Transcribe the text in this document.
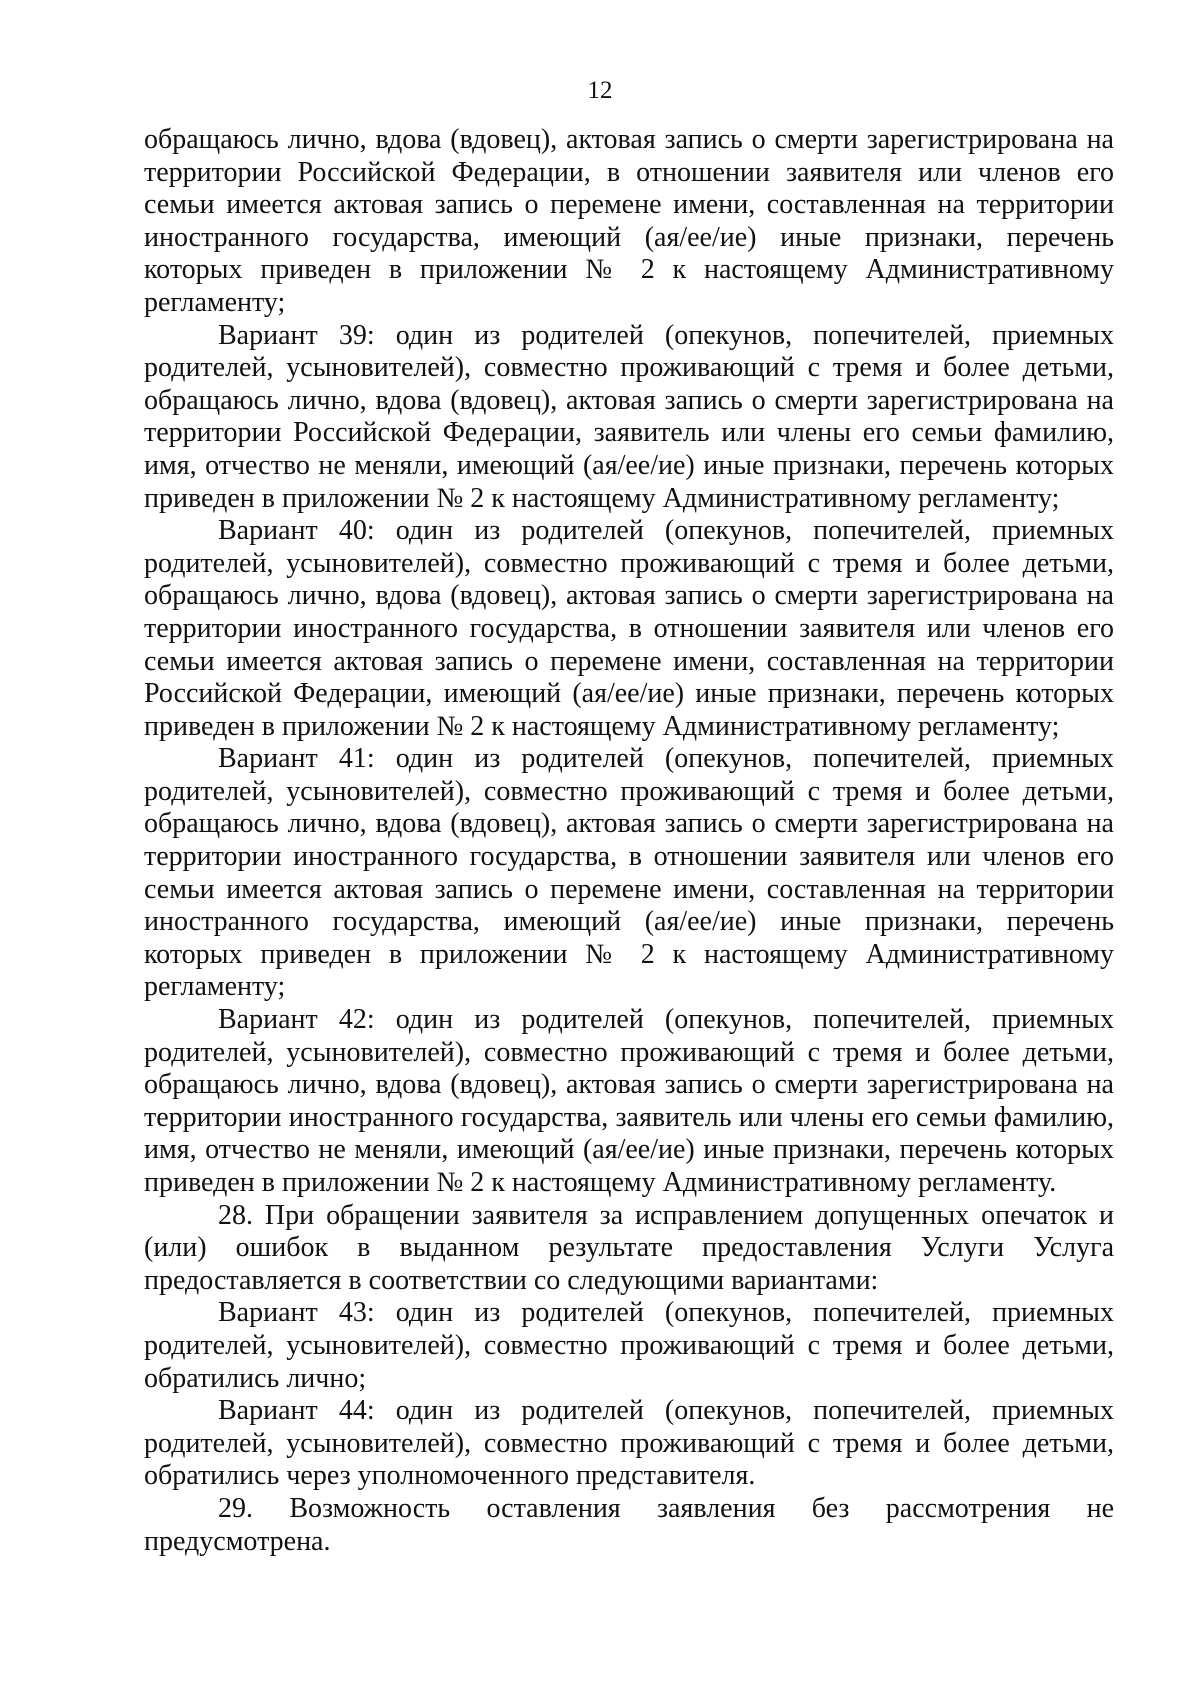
12

обращаюсь лично, вдова (вдовец), актовая запись о смерти зарегистрирована на территории Российской Федерации, в отношении заявителя или членов его семьи имеется актовая запись о перемене имени, составленная на территории иностранного государства, имеющий (ая/ее/ие) иные признаки, перечень которых приведен в приложении № 2 к настоящему Административному регламенту;

Вариант 39: один из родителей (опекунов, попечителей, приемных родителей, усыновителей), совместно проживающий с тремя и более детьми, обращаюсь лично, вдова (вдовец), актовая запись о смерти зарегистрирована на территории Российской Федерации, заявитель или члены его семьи фамилию, имя, отчество не меняли, имеющий (ая/ее/ие) иные признаки, перечень которых приведен в приложении № 2 к настоящему Административному регламенту;

Вариант 40: один из родителей (опекунов, попечителей, приемных родителей, усыновителей), совместно проживающий с тремя и более детьми, обращаюсь лично, вдова (вдовец), актовая запись о смерти зарегистрирована на территории иностранного государства, в отношении заявителя или членов его семьи имеется актовая запись о перемене имени, составленная на территории Российской Федерации, имеющий (ая/ее/ие) иные признаки, перечень которых приведен в приложении № 2 к настоящему Административному регламенту;

Вариант 41: один из родителей (опекунов, попечителей, приемных родителей, усыновителей), совместно проживающий с тремя и более детьми, обращаюсь лично, вдова (вдовец), актовая запись о смерти зарегистрирована на территории иностранного государства, в отношении заявителя или членов его семьи имеется актовая запись о перемене имени, составленная на территории иностранного государства, имеющий (ая/ее/ие) иные признаки, перечень которых приведен в приложении № 2 к настоящему Административному регламенту;

Вариант 42: один из родителей (опекунов, попечителей, приемных родителей, усыновителей), совместно проживающий с тремя и более детьми, обращаюсь лично, вдова (вдовец), актовая запись о смерти зарегистрирована на территории иностранного государства, заявитель или члены его семьи фамилию, имя, отчество не меняли, имеющий (ая/ее/ие) иные признаки, перечень которых приведен в приложении № 2 к настоящему Административному регламенту.

28. При обращении заявителя за исправлением допущенных опечаток и (или) ошибок в выданном результате предоставления Услуги Услуга предоставляется в соответствии со следующими вариантами:

Вариант 43: один из родителей (опекунов, попечителей, приемных родителей, усыновителей), совместно проживающий с тремя и более детьми, обратились лично;

Вариант 44: один из родителей (опекунов, попечителей, приемных родителей, усыновителей), совместно проживающий с тремя и более детьми, обратились через уполномоченного представителя.

29. Возможность оставления заявления без рассмотрения не предусмотрена.
